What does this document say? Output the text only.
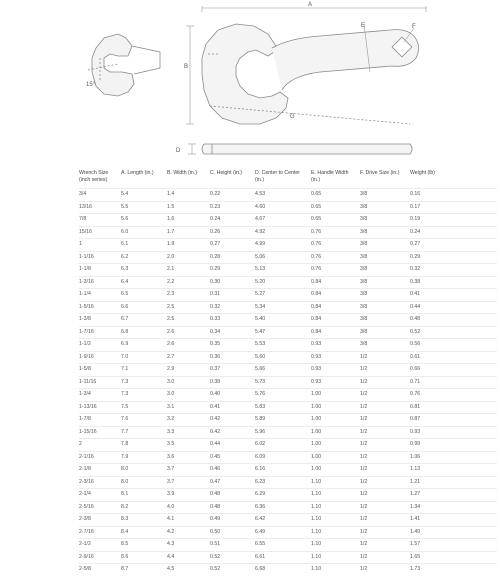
15°
A
B
E	F
G
D
Wrench Size (inch series)	A. Length (in.)	B. Width (in.)	C. Height (in.)	D. Center to Center (in.)	E. Handle Width (in.)	F. Drive Size (in.)	Weight (lb)
3/4	5.4	1.4	0.22	4.53	0.65	3/8	0.16
13/16	5.5	1.5	0.23	4.60	0.65	3/8	0.17
7/8	5.6	1.6	0.24	4.67	0.65	3/8	0.19
15/16	6.0	1.7	0.26	4.92	0.76	3/8	0.24
1	6.1	1.9	0.27	4.99	0.76	3/8	0.27
1-1/16	6.2	2.0	0.28	5.06	0.76	3/8	0.29
1-1/8	6.3	2.1	0.29	5.13	0.76	3/8	0.32
1-3/16	6.4	2.2	0.30	5.20	0.84	3/8	0.38
1-1/4	6.5	2.3	0.31	5.27	0.84	3/8	0.41
1-5/16	6.6	2.5	0.32	5.34	0.84	3/8	0.44
1-3/8	6.7	2.5	0.33	5.40	0.84	3/8	0.48
1-7/16	6.8	2.6	0.34	5.47	0.84	3/8	0.52
1-1/2	6.9	2.6	0.35	5.53	0.93	3/8	0.56
1-9/16	7.0	2.7	0.36	5.60	0.93	1/2	0.61
1-5/8	7.1	2.9	0.37	5.66	0.93	1/2	0.66
1-11/16	7.3	3.0	0.38	5.73	0.93	1/2	0.71
1-3/4	7.3	3.0	0.40	5.76	1.00	1/2	0.76
1-13/16	7.5	3.1	0.41	5.83	1.00	1/2	0.81
1-7/8	7.6	3.2	0.42	5.89	1.00	1/2	0.87
1-15/16	7.7	3.3	0.42	5.96	1.00	1/2	0.93
2	7.8	3.5	0.44	6.02	1.00	1/2	0.99
2-1/16	7.9	3.6	0.45	6.09	1.00	1/2	1.06
2-1/8	8.0	3.7	0.46	6.16	1.00	1/2	1.13
2-3/16	8.0	3.7	0.47	6.23	1.10	1/2	1.21
2-1/4	8.1	3.9	0.48	6.29	1.10	1/2	1.27
2-5/16	8.2	4.0	0.48	6.36	1.10	1/2	1.34
2-3/8	8.3	4.1	0.49	6.42	1.10	1/2	1.41
2-7/16	8.4	4.2	0.50	6.49	1.10	1/2	1.49
2-1/2	8.5	4.3	0.51	6.55	1.10	1/2	1.57
2-9/16	8.6	4.4	0.52	6.61	1.10	1/2	1.65
2-5/8	8.7	4.5	0.52	6.68	1.10	1/2	1.73
